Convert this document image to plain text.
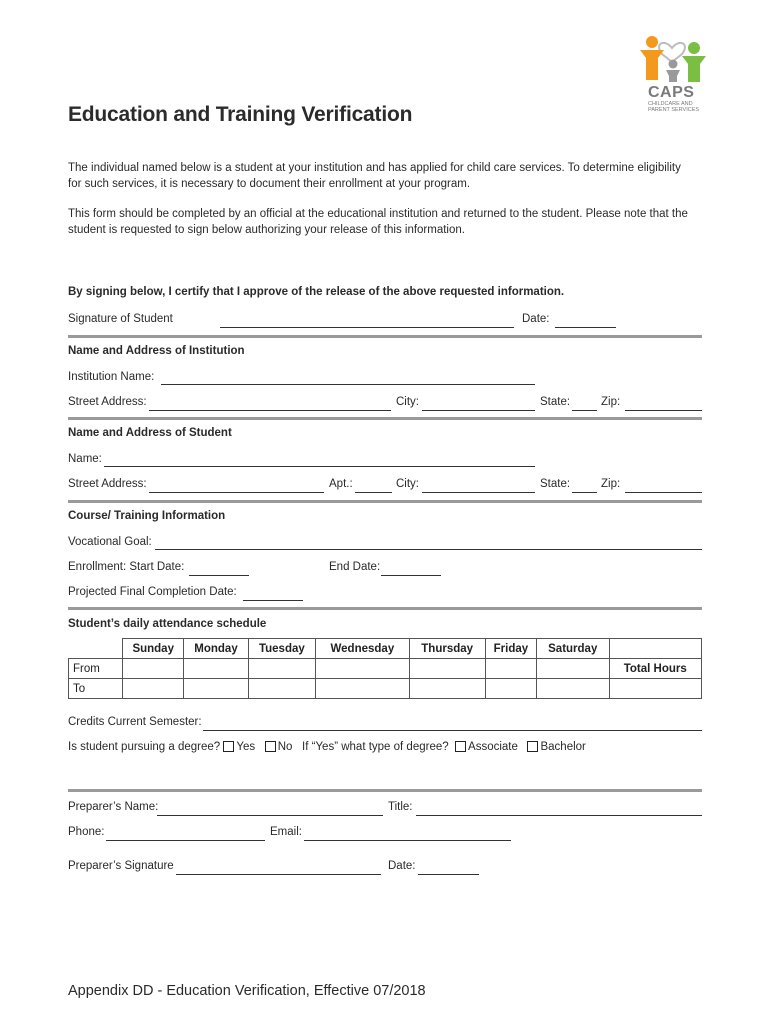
CAPS
CHILDCARE AND
PARENT SERVICES
Education and Training Verification
The individual named below is a student at your institution and has applied for child care services. To determine eligibility for such services, it is necessary to document their enrollment at your program.
This form should be completed by an official at the educational institution and returned to the student. Please note that the student is requested to sign below authorizing your release of this information.
By signing below, I certify that I approve of the release of the above requested information.
Signature of Student	Date:
Name and Address of Institution
Institution Name:
Street Address:	City:	State:	Zip:
Name and Address of Student
Name:
Street Address:	Apt.:	City:	State:	Zip:
Course/ Training Information
Vocational Goal:
Enrollment: Start Date:	End Date:
Projected Final Completion Date:
Student’s daily attendance schedule
	Sunday	Monday	Tuesday	Wednesday	Thursday	Friday	Saturday	
From								Total Hours
To								
Credits Current Semester:
Is student pursuing a degree? Yes No If “Yes” what type of degree? Associate Bachelor
Preparer’s Name:	Title:
Phone:	Email:
Preparer’s Signature	Date:
Appendix DD - Education Verification, Effective 07/2018
